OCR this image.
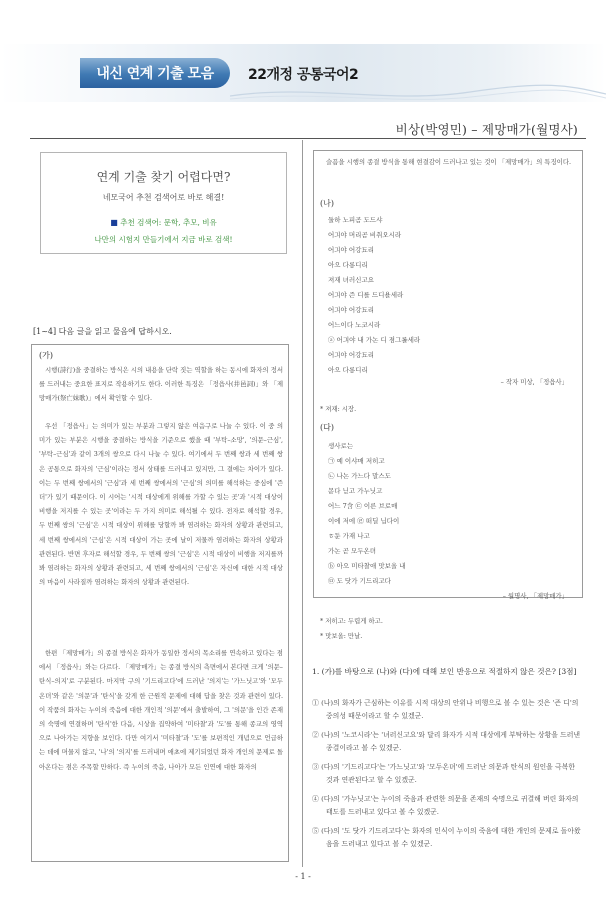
내신 연계 기출 모음 22개정 공통국어2
비상(박영민) – 제망매가(월명사)
연계 기출 찾기 어렵다면?
네모국어 추천 검색어로 바로 해결!
■ 추천 검색어: 문학, 추모, 비유
나만의 시험지 만들기에서 지금 바로 검색!
[1~4] 다음 글을 읽고 물음에 답하시오.
(가)

시행(詩行)을 중결하는 방식은 시의 내용을 단락 짓는 역할을 하는 동시에 화자의 정서를 드러내는 중요한 표지로 작용하기도 한다. 이러한 특징은 「정읍사(井邑詞)」와 「제망매가(祭亡妹歌)」에서 확인할 수 있다.

우선 「정읍사」는 의미가 있는 부분과 그렇지 않은 여음구로 나눌 수 있다. 이 중 의미가 있는 부분은 시행을 중결하는 방식을 기준으로 했을 때 '부탁–소망', '의문–근심', '부탁–근심'과 같이 3개의 쌍으로 다시 나눌 수 있다. 여기에서 두 번째 쌍과 세 번째 쌍은 공통으로 화자의 '근심'이라는 정서 상태를 드러내고 있지만, 그 결에는 차이가 있다. 이는 두 번째 쌍에서의 '근심'과 세 번째 쌍에서의 '근심'의 의미를 해석하는 중심에 '즌 더'가 있기 때문이다. 이 시어는 '시적 대상에게 위해를 가할 수 있는 곳'과 '시적 대상이 비행을 저지를 수 있는 곳'이라는 두 가지 의미로 해석될 수 있다. 전자로 해석할 경우, 두 번째 쌍의 '근심'은 시적 대상이 위해를 당할까 봐 염려하는 화자의 상황과 관련되고, 세 번째 쌍에서의 '근심'은 시적 대상이 가는 곳에 날이 저물까 염려하는 화자의 상황과 관련된다. 반면 후자로 해석할 경우, 두 번째 쌍의 '근심'은 시적 대상이 비행을 저지를까 봐 염려하는 화자의 상황과 관련되고, 세 번째 쌍에서의 '근심'은 자신에 대한 시적 대상의 마음이 사라질까 염려하는 화자의 상황과 관련된다.

한편 「제망매가」의 종결 방식은 화자가 동일한 정서의 목소리를 연속하고 있다는 점에서 「정읍사」와는 다르다. 「제망매가」는 종결 방식의 측면에서 본다면 크게 '의문–탄식–의지'로 구분된다. 마지막 구의 '기드리고다'에 드러난 '의지'는 '가느닛고'와 '모두온뎌'와 같은 '의문'과 '탄식'을 갖게 한 근원적 문제에 대해 답을 찾은 것과 관련이 있다. 이 작품의 화자는 누이의 죽음에 대한 개인적 '의문'에서 출발하여, 그 '의문'을 인간 존재의 숙명에 연결하며 '탄식'한 다음, 시상을 집약하여 '미타찰'과 '도'를 통해 종교의 영역으로 나아가는 지향을 보인다. 다만 여기서 '미타찰'과 '도'를 보편적인 개념으로 언급하는 데에 머물지 않고, '나'의 '의지'를 드러내며 애초에 제기되었던 화자 개인의 문제로 돌아온다는 점은 주목할 만하다. 즉 누이의 죽음, 나아가 모든 인연에 대한 화자의

슬픔을 시행의 종결 방식을 통해 현결감이 드러나고 있는 것이 「제망매가」의 특징이다.
(나)
둘하 노피곰 도드샤
어긔야 머리곰 비취오시라
어긔야 어강됴리
아으 다롱디리
져재 녀러신고요
어긔야 즌 디를 드디욜세라
어긔야 어강됴리
어느이다 노코시라
ⓐ 어긔야 내 가논 디 졈그롤세라
어긔야 어강됴리
아으 다롱디리
– 작자 미상, 「정읍사」
* 져재: 시장.
(다)
생사로는
㉠ 예 이샤매 저히고
㉡ 나논 가느다 말스도
몯다 닏고 가누닛고
어느 7含 ㉢ 이른 브로매
이에 저에 ㉣ 떠딜 닙다이
ㅎ둔 가재 나고
가논 곧 모두온뎌
ⓑ 아으 미타찰애 맛보올 내
㉤ 도 닷가 기드리고다
– 월명사, 「제망매가」
* 저히고: 두렵게 하고.
* 맛보올: 만날.
1. (가)를 바탕으로 (나)와 (다)에 대해 보인 반응으로 적절하지 않은 것은? [3점]
① (나)의 화자가 근심하는 이유를 시적 대상의 안위나 비행으로 볼 수 있는 것은 '즌 디'의 중의성 때문이라고 할 수 있겠군.
② (나)의 '노코시라'는 '녀러신고요'와 달리 화자가 시적 대상에게 부탁하는 상황을 드러낸 종결이라고 볼 수 있겠군.
③ (다)의 '기드리고다'는 '가느닛고'와 '모두온뎌'에 드러난 의문과 탄식의 원인을 극복한 것과 연관된다고 할 수 있겠군.
④ (다)의 '가누닛고'는 누이의 죽음과 관련한 의문을 존재의 숙명으로 귀결해 버린 화자의 태도를 드러내고 있다고 볼 수 있겠군.
⑤ (다)의 '도 닷가 기드리고다'는 화자의 인식이 누이의 죽음에 대한 개인의 문제로 돌아왔음을 드러내고 있다고 볼 수 있겠군.
- 1 -
